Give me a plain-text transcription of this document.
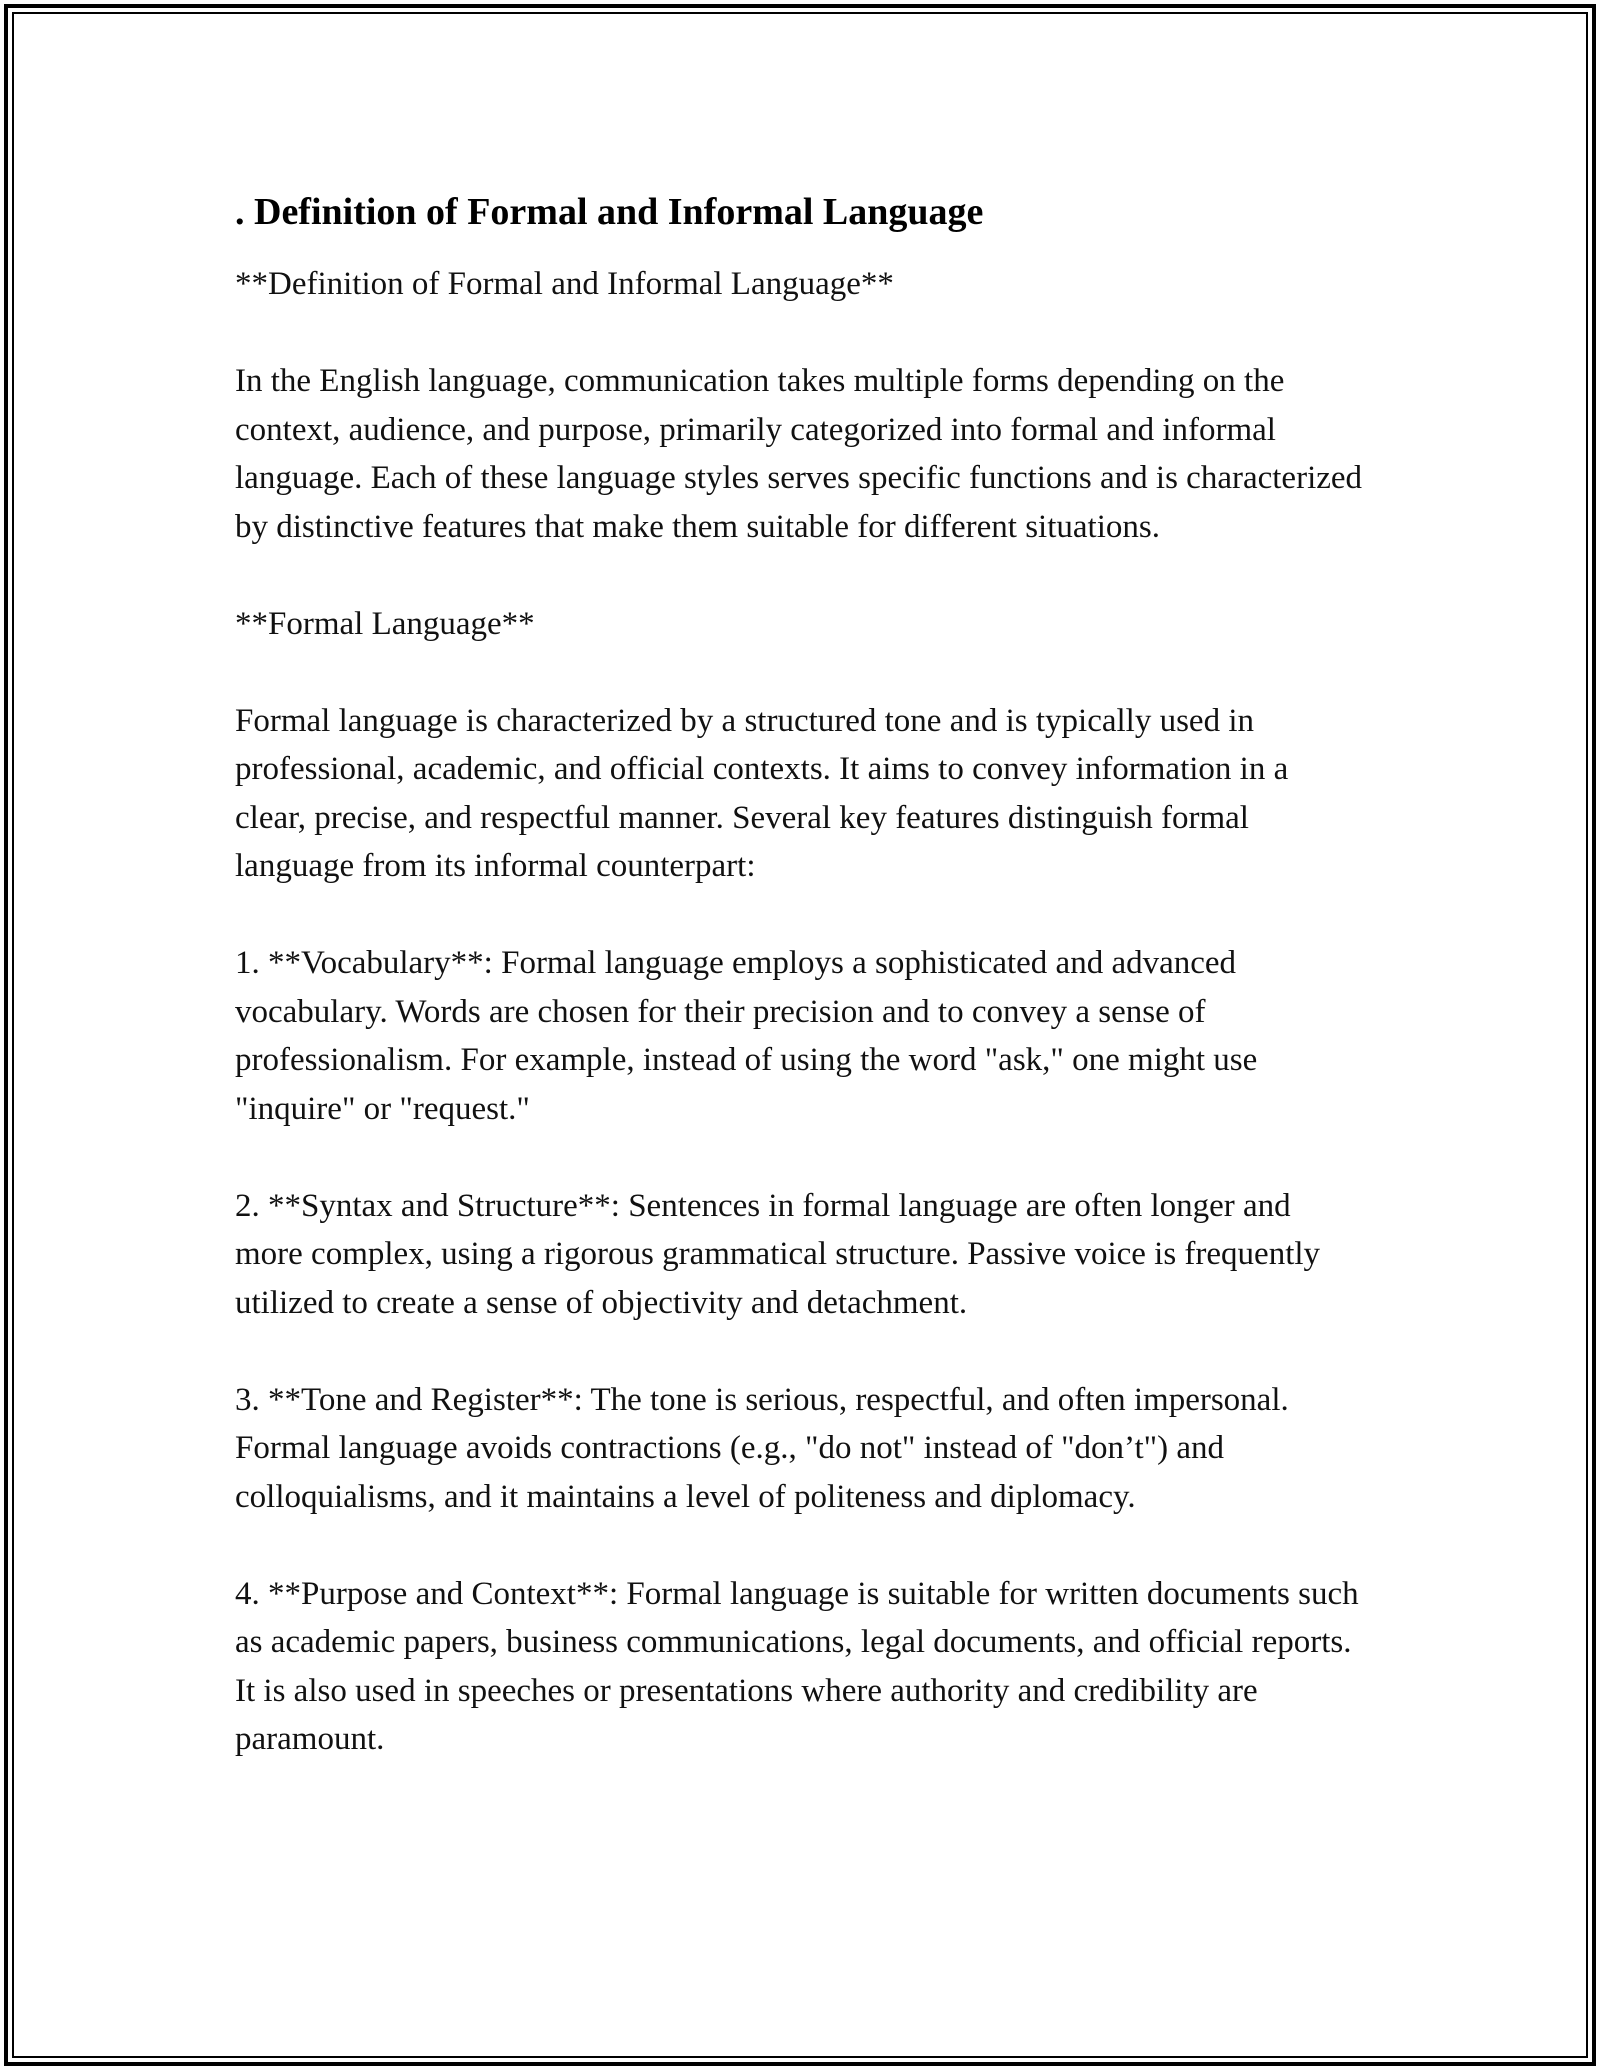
. Definition of Formal and Informal Language

**Definition of Formal and Informal Language**

In the English language, communication takes multiple forms depending on the context, audience, and purpose, primarily categorized into formal and informal language. Each of these language styles serves specific functions and is characterized by distinctive features that make them suitable for different situations.

**Formal Language**

Formal language is characterized by a structured tone and is typically used in professional, academic, and official contexts. It aims to convey information in a clear, precise, and respectful manner. Several key features distinguish formal language from its informal counterpart:

1. **Vocabulary**: Formal language employs a sophisticated and advanced vocabulary. Words are chosen for their precision and to convey a sense of professionalism. For example, instead of using the word "ask," one might use "inquire" or "request."

2. **Syntax and Structure**: Sentences in formal language are often longer and more complex, using a rigorous grammatical structure. Passive voice is frequently utilized to create a sense of objectivity and detachment.

3. **Tone and Register**: The tone is serious, respectful, and often impersonal. Formal language avoids contractions (e.g., "do not" instead of "don’t") and colloquialisms, and it maintains a level of politeness and diplomacy.

4. **Purpose and Context**: Formal language is suitable for written documents such as academic papers, business communications, legal documents, and official reports. It is also used in speeches or presentations where authority and credibility are paramount.
